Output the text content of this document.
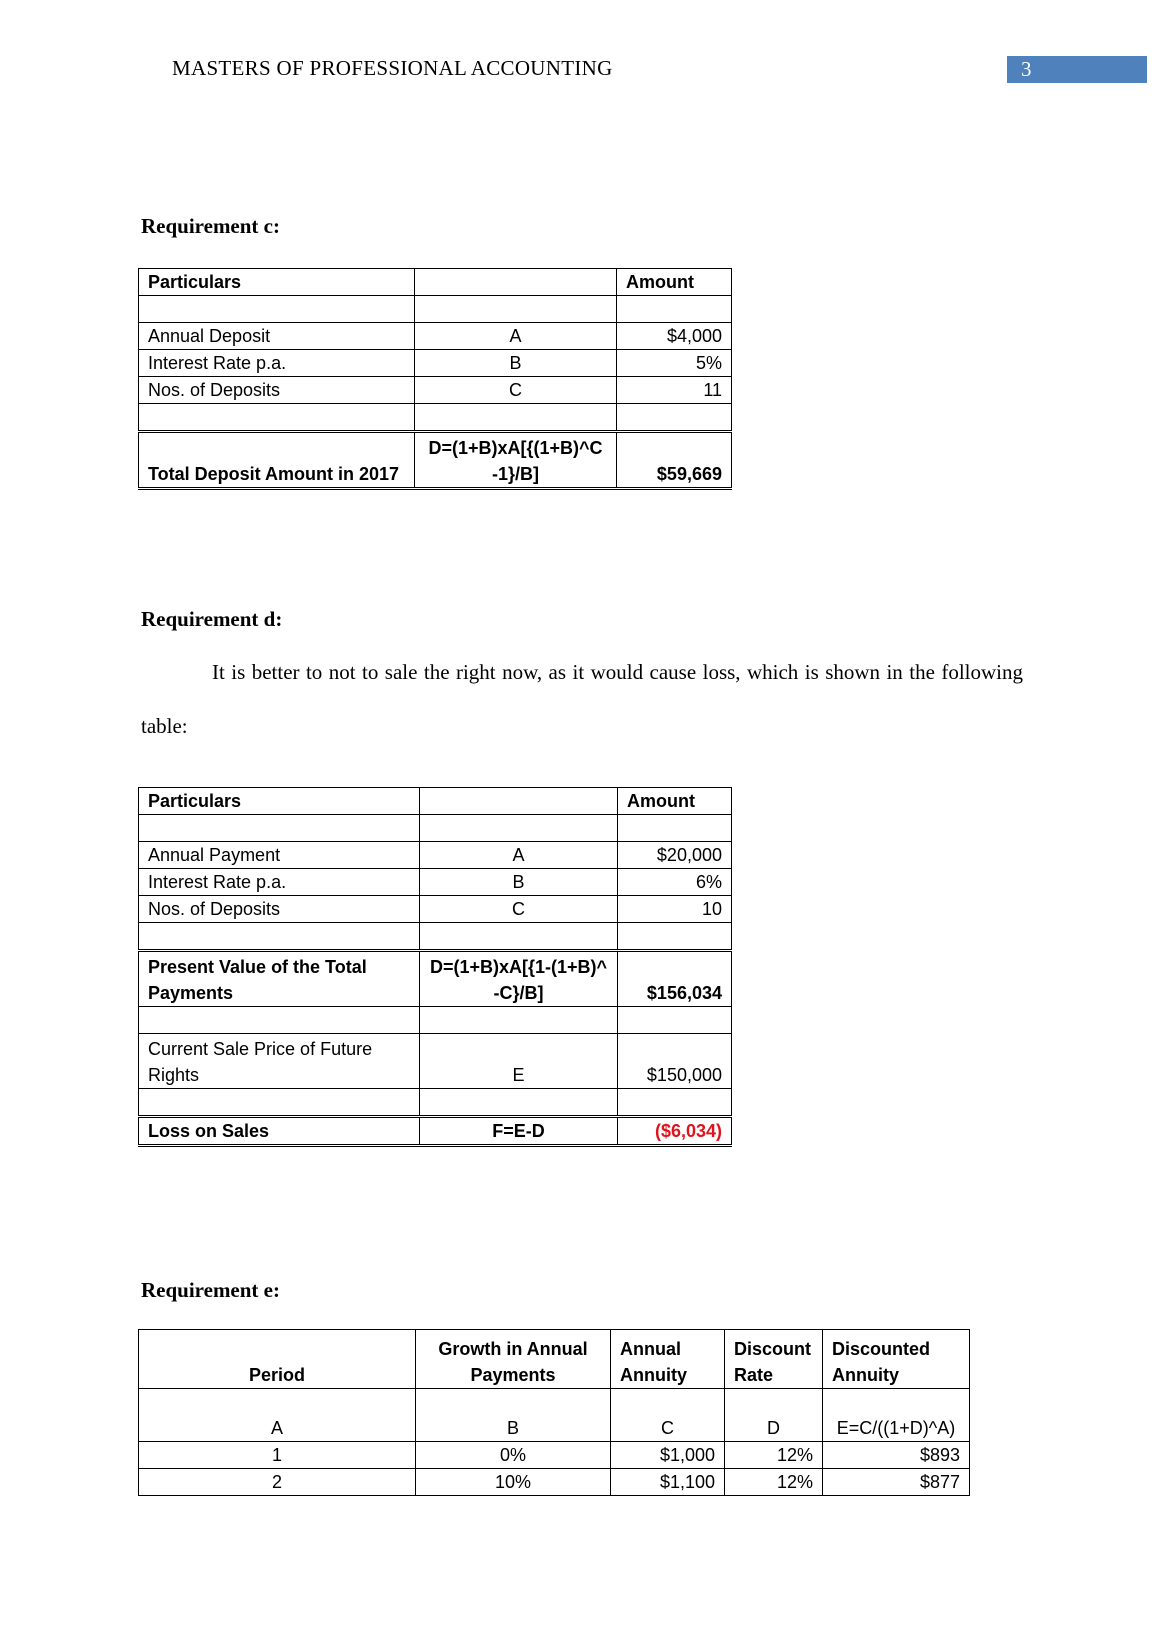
MASTERS OF PROFESSIONAL ACCOUNTING	3
Requirement c:
Particulars		Amount

Annual Deposit	A	$4,000
Interest Rate p.a.	B	5%
Nos. of Deposits	C	11

Total Deposit Amount in 2017	D=(1+B)xA[{(1+B)^C -1}/B]	$59,669
Requirement d:

It is better to not to sale the right now, as it would cause loss, which is shown in the following table:

Particulars		Amount

Annual Payment	A	$20,000
Interest Rate p.a.	B	6%
Nos. of Deposits	C	10

Present Value of the Total Payments	D=(1+B)xA[{1-(1+B)^-C}/B]	$156,034

Current Sale Price of Future Rights	E	$150,000

Loss on Sales	F=E-D	($6,034)
Requirement e:
Period	Growth in Annual Payments	Annual Annuity	Discount Rate	Discounted Annuity
A	B	C	D	E=C/((1+D)^A)
1	0%	$1,000	12%	$893
2	10%	$1,100	12%	$877
